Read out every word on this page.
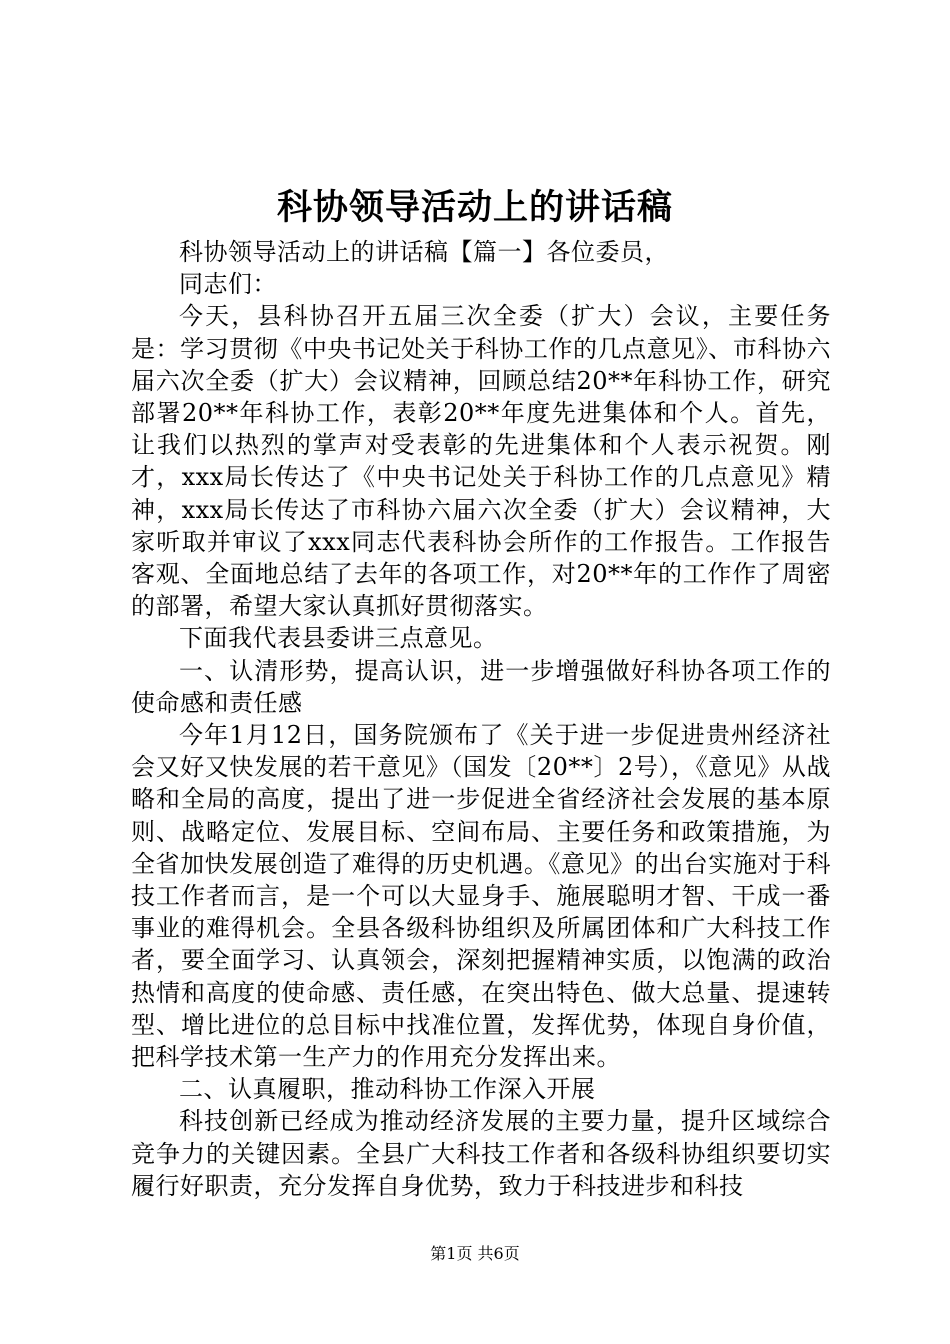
科协领导活动上的讲话稿

科协领导活动上的讲话稿【篇一】各位委员，

同志们：

今天，县科协召开五届三次全委（扩大）会议，主要任务是：学习贯彻《中央书记处关于科协工作的几点意见》、市科协六届六次全委（扩大）会议精神，回顾总结20**年科协工作，研究部署20**年科协工作，表彰20**年度先进集体和个人。首先，让我们以热烈的掌声对受表彰的先进集体和个人表示祝贺。刚才，xxx局长传达了《中央书记处关于科协工作的几点意见》精神，xxx局长传达了市科协六届六次全委（扩大）会议精神，大家听取并审议了xxx同志代表科协会所作的工作报告。工作报告客观、全面地总结了去年的各项工作，对20**年的工作作了周密的部署，希望大家认真抓好贯彻落实。

下面我代表县委讲三点意见。

一、认清形势，提高认识，进一步增强做好科协各项工作的使命感和责任感

今年1月12日，国务院颁布了《关于进一步促进贵州经济社会又好又快发展的若干意见》（国发〔20**〕2号），《意见》从战略和全局的高度，提出了进一步促进全省经济社会发展的基本原则、战略定位、发展目标、空间布局、主要任务和政策措施，为全省加快发展创造了难得的历史机遇。《意见》的出台实施对于科技工作者而言，是一个可以大显身手、施展聪明才智、干成一番事业的难得机会。全县各级科协组织及所属团体和广大科技工作者，要全面学习、认真领会，深刻把握精神实质，以饱满的政治热情和高度的使命感、责任感，在突出特色、做大总量、提速转型、增比进位的总目标中找准位置，发挥优势，体现自身价值，把科学技术第一生产力的作用充分发挥出来。

二、认真履职，推动科协工作深入开展

科技创新已经成为推动经济发展的主要力量，提升区域综合竞争力的关键因素。全县广大科技工作者和各级科协组织要切实履行好职责，充分发挥自身优势，致力于科技进步和科技

第1页 共6页
